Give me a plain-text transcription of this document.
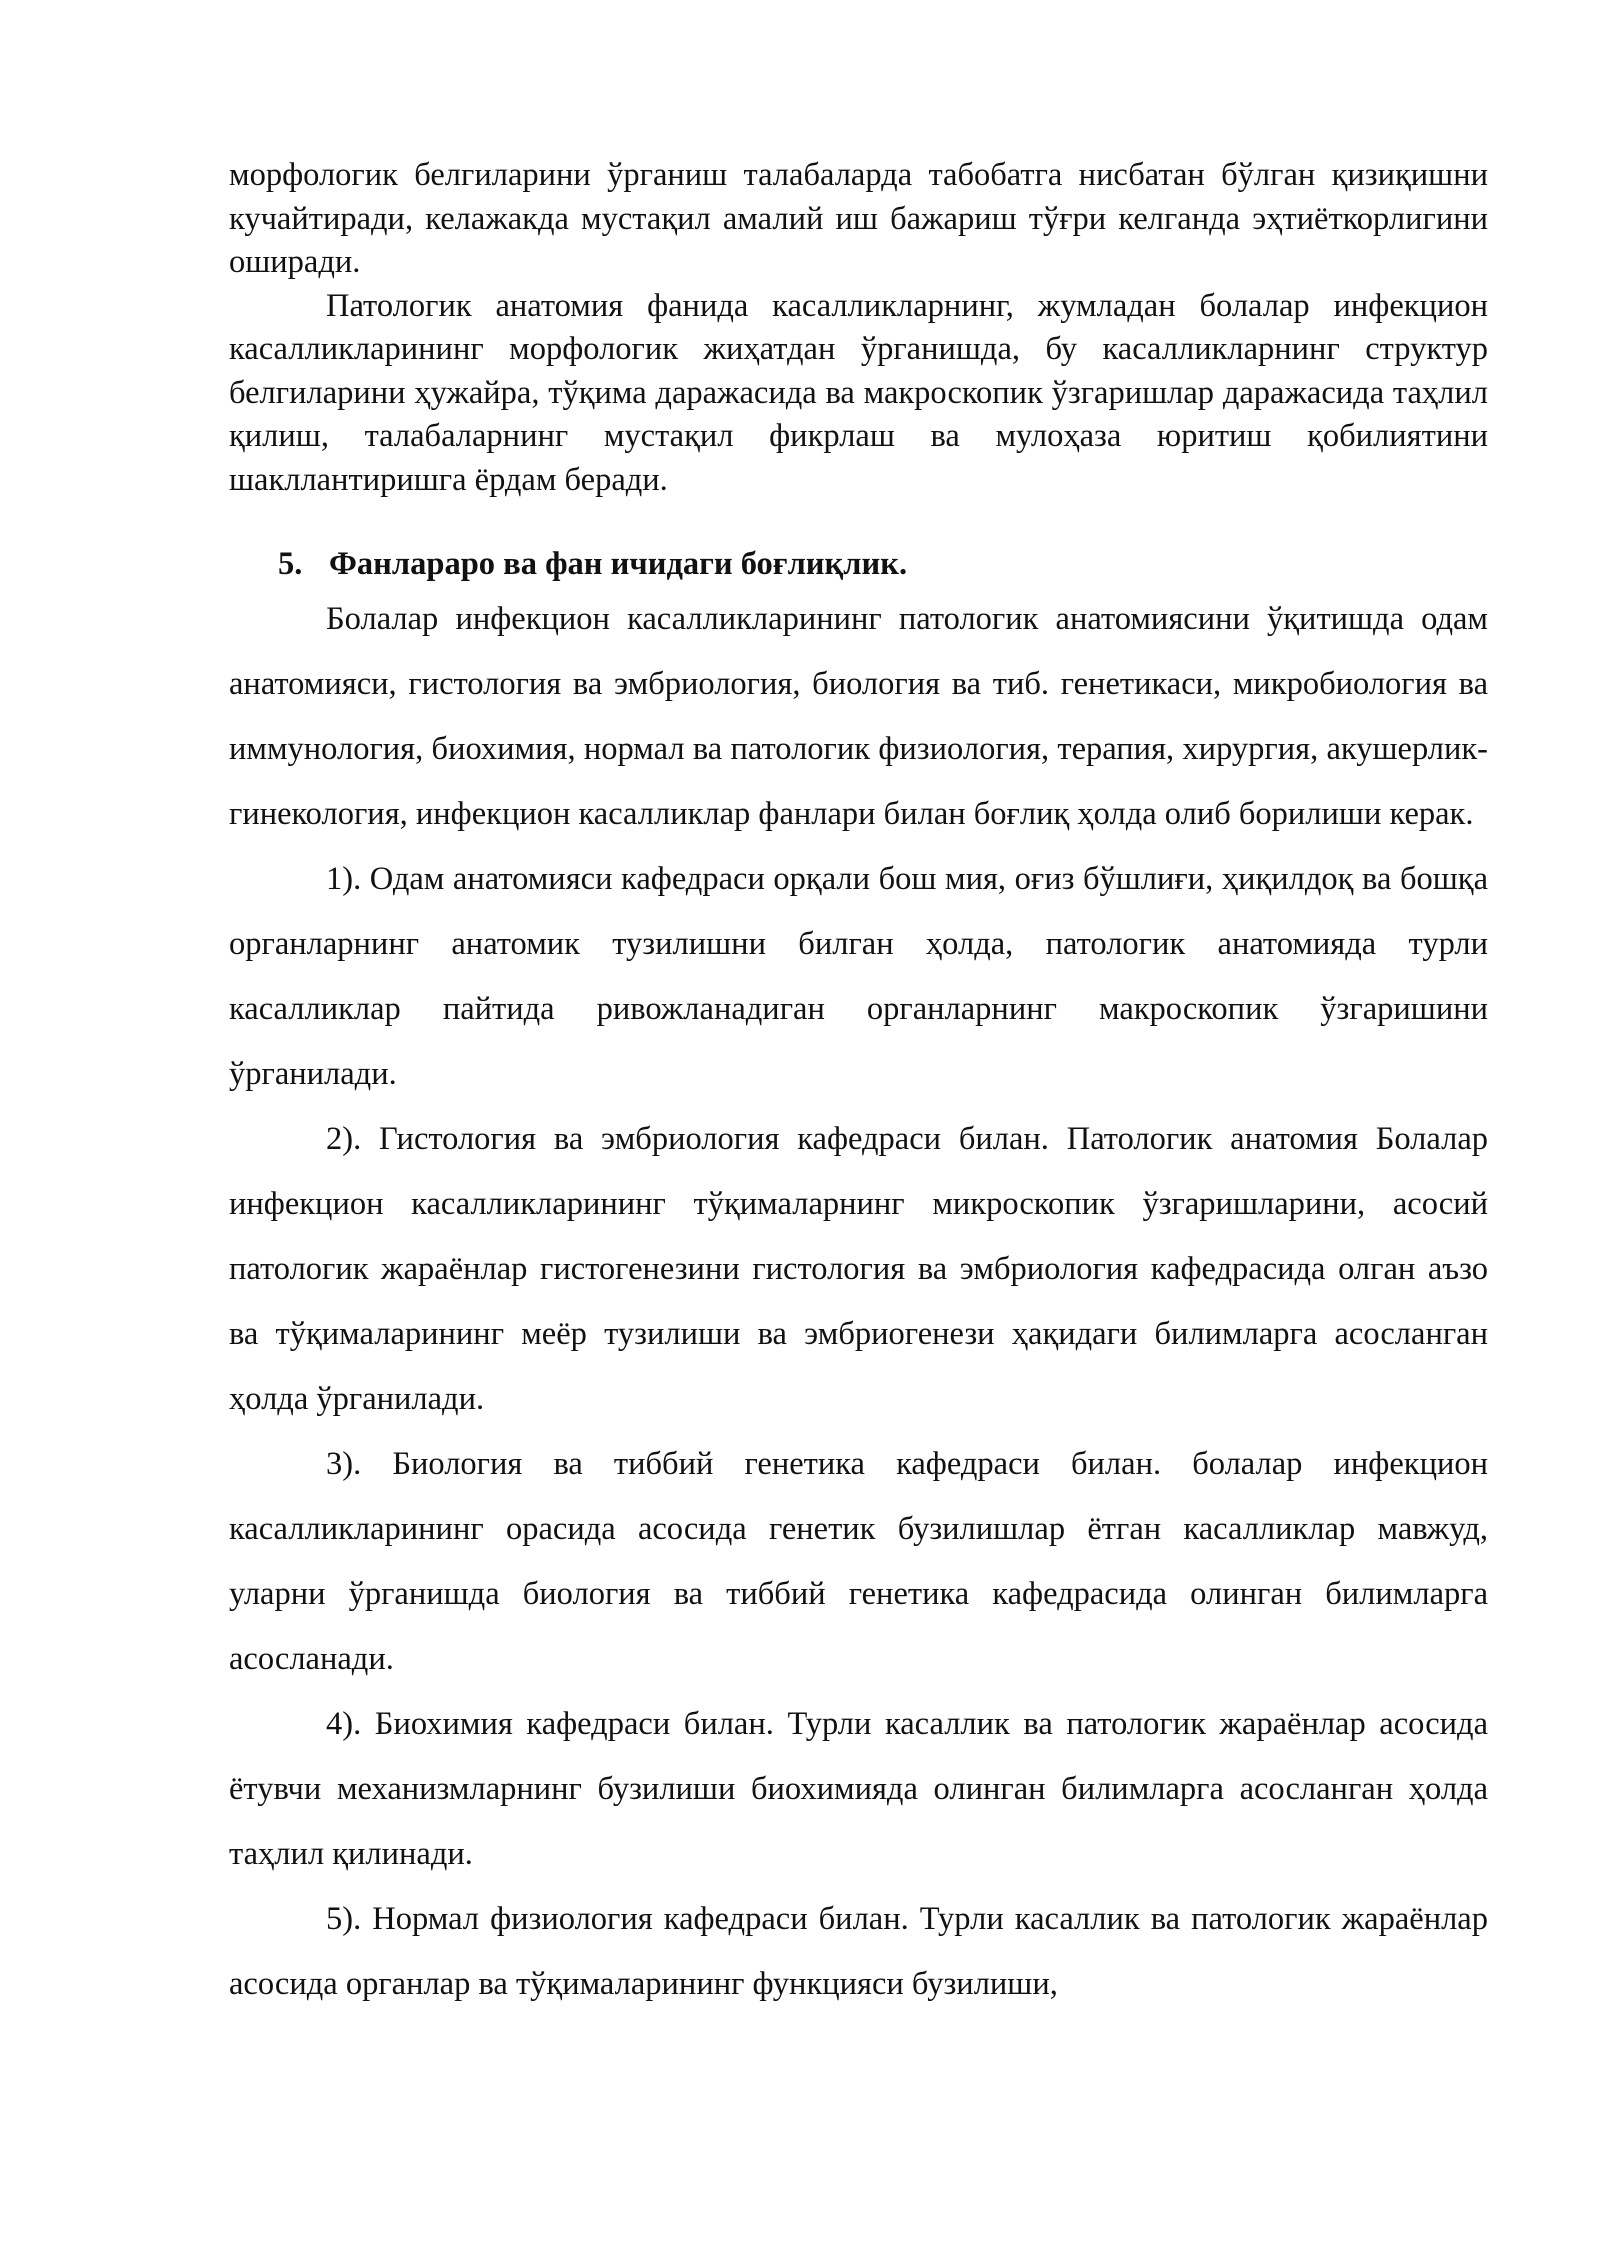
морфологик белгиларини ўрганиш талабаларда табобатга нисбатан бўлган қизиқишни кучайтиради, келажакда мустақил амалий иш бажариш тўғри келганда эҳтиёткорлигини оширади.

Патологик анатомия фанида касалликларнинг, жумладан болалар инфекцион касалликларининг морфологик жиҳатдан ўрганишда, бу касалликларнинг структур белгиларини ҳужайра, тўқима даражасида ва макроскопик ўзгаришлар даражасида таҳлил қилиш, талабаларнинг мустақил фикрлаш ва мулоҳаза юритиш қобилиятини шакллантиришга ёрдам беради.

5. Фанлараро ва фан ичидаги боғлиқлик.

Болалар инфекцион касалликларининг патологик анатомиясини ўқитишда одам анатомияси, гистология ва эмбриология, биология ва тиб. генетикаси, микробиология ва иммунология, биохимия, нормал ва патологик физиология, терапия, хирургия, акушерлик-гинекология, инфекцион касалликлар фанлари билан боғлиқ ҳолда олиб борилиши керак.

1). Одам анатомияси кафедраси орқали бош мия, оғиз бўшлиғи, ҳиқилдоқ ва бошқа органларнинг анатомик тузилишни билган ҳолда, патологик анатомияда турли касалликлар пайтида ривожланадиган органларнинг макроскопик ўзгаришини ўрганилади.

2). Гистология ва эмбриология кафедраси билан. Патологик анатомия Болалар инфекцион касалликларининг тўқималарнинг микроскопик ўзгаришларини, асосий патологик жараёнлар гистогенезини гистология ва эмбриология кафедрасида олган аъзо ва тўқималарининг меёр тузилиши ва эмбриогенези ҳақидаги билимларга асосланган ҳолда ўрганилади.

3). Биология ва тиббий генетика кафедраси билан. болалар инфекцион касалликларининг орасида асосида генетик бузилишлар ётган касалликлар мавжуд, уларни ўрганишда биология ва тиббий генетика кафедрасида олинган билимларга асосланади.

4). Биохимия кафедраси билан. Турли касаллик ва патологик жараёнлар асосида ётувчи механизмларнинг бузилиши биохимияда олинган билимларга асосланган ҳолда таҳлил қилинади.

5). Нормал физиология кафедраси билан. Турли касаллик ва патологик жараёнлар асосида органлар ва тўқималарининг функцияси бузилиши,
